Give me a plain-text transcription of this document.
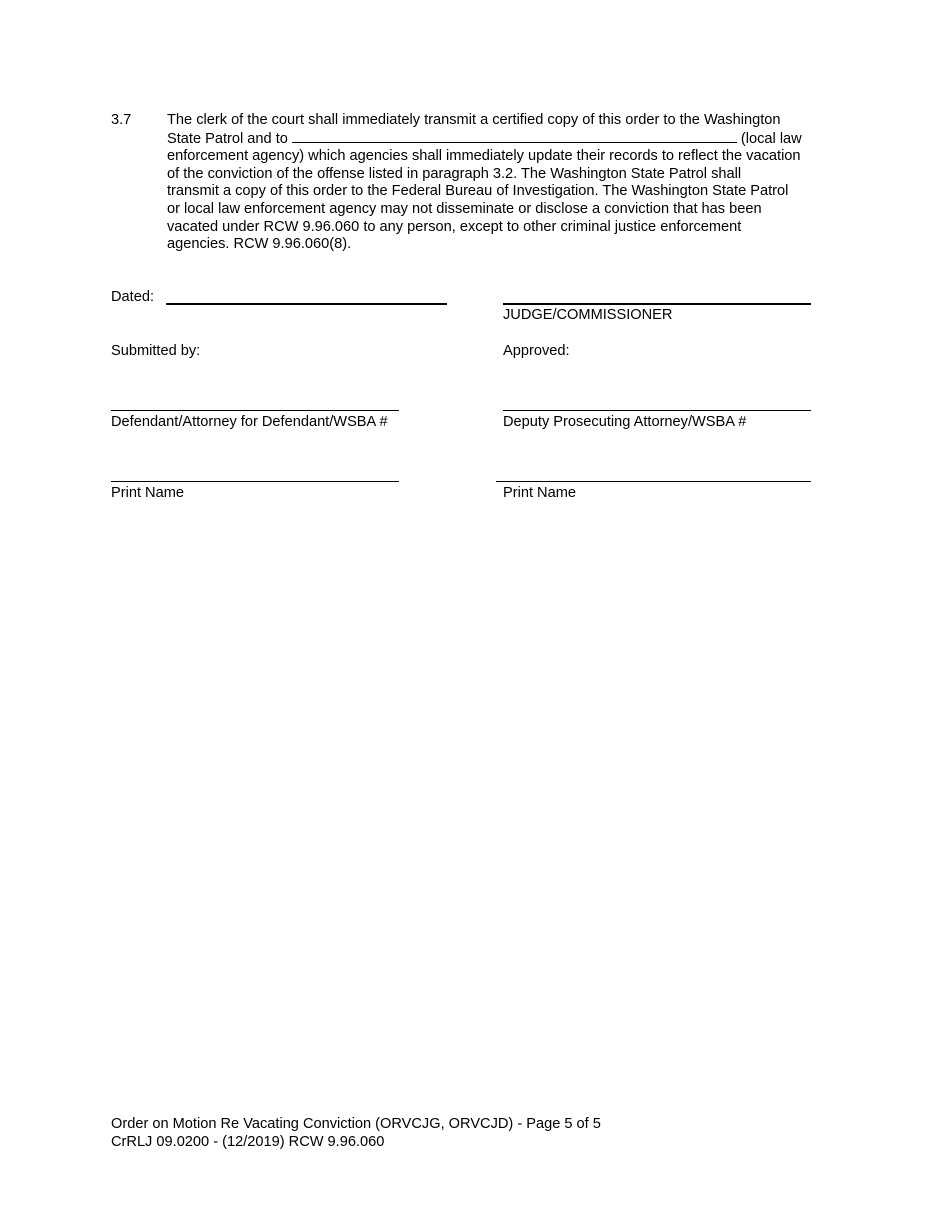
3.7 The clerk of the court shall immediately transmit a certified copy of this order to the Washington
State Patrol and to	(local law
enforcement agency) which agencies shall immediately update their records to reflect the vacation
of the conviction of the offense listed in paragraph 3.2. The Washington State Patrol shall
transmit a copy of this order to the Federal Bureau of Investigation. The Washington State Patrol
or local law enforcement agency may not disseminate or disclose a conviction that has been
vacated under RCW 9.96.060 to any person, except to other criminal justice enforcement
agencies. RCW 9.96.060(8).
Dated:
JUDGE/COMMISSIONER
Submitted by:	Approved:
Defendant/Attorney for Defendant/WSBA #	Deputy Prosecuting Attorney/WSBA #
Print Name	Print Name
Order on Motion Re Vacating Conviction (ORVCJG, ORVCJD) - Page 5 of 5
CrRLJ 09.0200 - (12/2019) RCW 9.96.060
